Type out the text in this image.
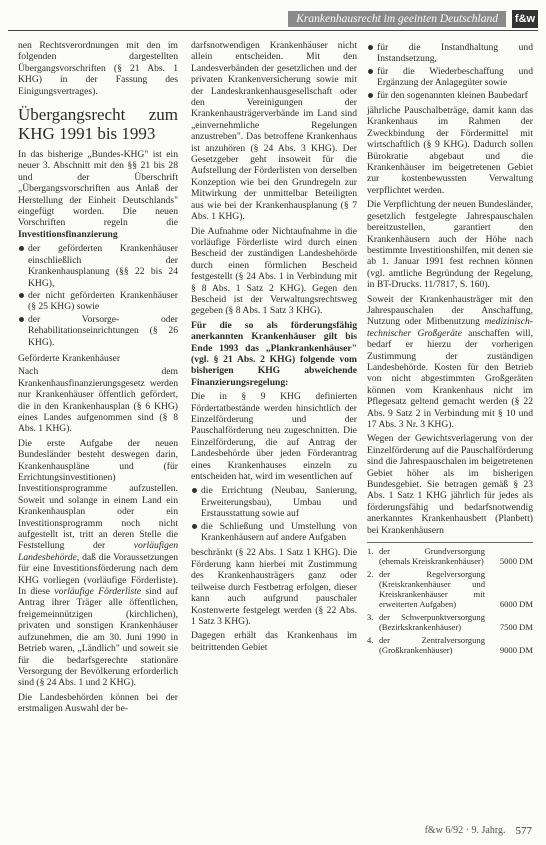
Krankenhausrecht im geeinten Deutschland	f&w

nen Rechtsverordnungen mit den im folgenden dargestellten Übergangsvorschriften (§ 21 Abs. 1 KHG) in der Fassung des Einigungsvertrages).

Übergangsrecht zum KHG 1991 bis 1993

In das bisherige „Bundes-KHG" ist ein neuer 3. Abschnitt mit den §§ 21 bis 28 und der Überschrift „Übergangsvorschriften aus Anlaß der Herstellung der Einheit Deutschlands" eingefügt worden. Die neuen Vorschriften regeln die Investitionsfinanzierung

der geförderten Krankenhäuser einschließlich der Krankenhausplanung (§§ 22 bis 24 KHG),
der nicht geförderten Krankenhäuser (§ 25 KHG) sowie
der Vorsorge- oder Rehabilitationseinrichtungen (§ 26 KHG).
Geförderte Krankenhäuser

Nach dem Krankenhausfinanzierungsgesetz werden nur Krankenhäuser öffentlich gefördert, die in den Krankenhausplan (§ 6 KHG) eines Landes aufgenommen sind (§ 8 Abs. 1 KHG).

Die erste Aufgabe der neuen Bundesländer besteht deswegen darin, Krankenhauspläne und (für Errichtungsinvestitionen) Investitionsprogramme aufzustellen. Soweit und solange in einem Land ein Krankenhausplan oder ein Investitionsprogramm noch nicht aufgestellt ist, tritt an deren Stelle die Feststellung der vorläufigen Landesbehörde, daß die Voraussetzungen für eine Investitionsförderung nach dem KHG vorliegen (vorläufige Förderliste). In diese vorläufige Förderliste sind auf Antrag ihrer Träger alle öffentlichen, freigemeinnützigen (kirchlichen), privaten und sonstigen Krankenhäuser aufzunehmen, die am 30. Juni 1990 in Betrieb waren, „Ländlich" und soweit sie für die bedarfsgerechte stationäre Versorgung der Bevölkerung erforderlich sind (§ 24 Abs. 1 und 2 KHG).

Die Landesbehörden können bei der erstmaligen Auswahl der be-

darfsnotwendigen Krankenhäuser nicht allein entscheiden. Mit den Landesverbänden der gesetzlichen und der privaten Krankenversicherung sowie mit der Landeskrankenhausgesellschaft oder den Vereinigungen der Krankenhausträgerverbände im Land sind „einvernehmliche Regelungen anzustreben". Das betroffene Krankenhaus ist anzuhören (§ 24 Abs. 3 KHG). Der Gesetzgeber geht insoweit für die Aufstellung der Förderlisten von derselben Konzeption wie bei den Grundregeln zur Mitwirkung der unmittelbar Beteiligten aus wie bei der Krankenhausplanung (§ 7 Abs. 1 KHG).

Die Aufnahme oder Nichtaufnahme in die vorläufige Förderliste wird durch einen Bescheid der zuständigen Landesbehörde durch einen förmlichen Bescheid festgestellt (§ 24 Abs. 1 in Verbindung mit § 8 Abs. 1 Satz 2 KHG). Gegen den Bescheid ist der Verwaltungsrechtsweg gegeben (§ 8 Abs. 1 Satz 3 KHG).

Für die so als förderungsfähig anerkannten Krankenhäuser gilt bis Ende 1993 das „Plankrankenhäuser" (vgl. § 21 Abs. 2 KHG) folgende vom bisherigen KHG abweichende Finanzierungsregelung:

Die in § 9 KHG definierten Fördertatbestände werden hinsichtlich der Einzelförderung und der Pauschalförderung neu zugeschnitten. Die Einzelförderung, die auf Antrag der Landesbehörde über jeden Förderantrag eines Krankenhauses einzeln zu entscheiden hat, wird im wesentlichen auf

die Errichtung (Neubau, Sanierung, Erweiterungsbau), Umbau und Erstausstattung sowie auf
die Schließung und Umstellung von Krankenhäusern auf andere Aufgaben

beschränkt (§ 22 Abs. 1 Satz 1 KHG). Die Förderung kann hierbei mit Zustimmung des Krankenhausträgers ganz oder teilweise durch Festbetrag erfolgen, dieser kann auch aufgrund pauschaler Kostenwerte festgelegt werden (§ 22 Abs. 1 Satz 3 KHG).

Dagegen erhält das Krankenhaus im beitrittenden Gebiet

für die Instandhaltung und Instandsetzung,
für die Wiederbeschaffung und Ergänzung der Anlagegüter sowie
für den sogenannten kleinen Baubedarf

jährliche Pauschalbeträge, damit kann das Krankenhaus im Rahmen der Zweckbindung der Fördermittel mit wirtschaftlich (§ 9 KHG). Dadurch sollen Bürokratie abgebaut und die Krankenhäuser im beigetretenen Gebiet zur kostenbewussten Verwaltung verpflichtet werden.

Die Verpflichtung der neuen Bundesländer, gesetzlich festgelegte Jahrespauschalen bereitzustellen, garantiert den Krankenhäusern auch der Höhe nach bestimmte Investitionshilfen, mit denen sie ab 1. Januar 1991 fest rechnen können (vgl. amtliche Begründung der Regelung, in BT-Drucks. 11/7817, S. 160).

Soweit der Krankenhausträger mit den Jahrespauschalen der Anschaffung, Nutzung oder Mitbenutzung medizinisch-technischer Großgeräte anschaffen will, bedarf er hierzu der vorherigen Zustimmung der zuständigen Landesbehörde. Kosten für den Betrieb von nicht abgestimmten Großgeräten können vom Krankenhaus nicht im Pflegesatz geltend gemacht werden (§ 22 Abs. 9 Satz 2 in Verbindung mit § 10 und 17 Abs. 3 Nr. 3 KHG).

Wegen der Gewichtsverlagerung von der Einzelförderung auf die Pauschalförderung sind die Jahrespauschalen im beigetretenen Gebiet höher als im bisherigen Bundesgebiet. Sie betragen gemäß § 23 Abs. 1 Satz 1 KHG jährlich für jedes als förderungsfähig und bedarfsnotwendig anerkanntes Krankenhausbett (Planbett) bei Krankenhäusern

1. der Grundversorgung (ehemals Kreiskrankenhäuser)	5000 DM
2. der Regelversorgung (Kreiskrankenhäuser und Kreiskrankenhäuser mit erweiterten Aufgaben)	6000 DM
3. der Schwerpunktversorgung (Bezirkskrankenhäuser)	7500 DM
4. der Zentralversorgung (Großkrankenhäuser)	9000 DM
f&w 6/92 · 9. Jahrg. 577
